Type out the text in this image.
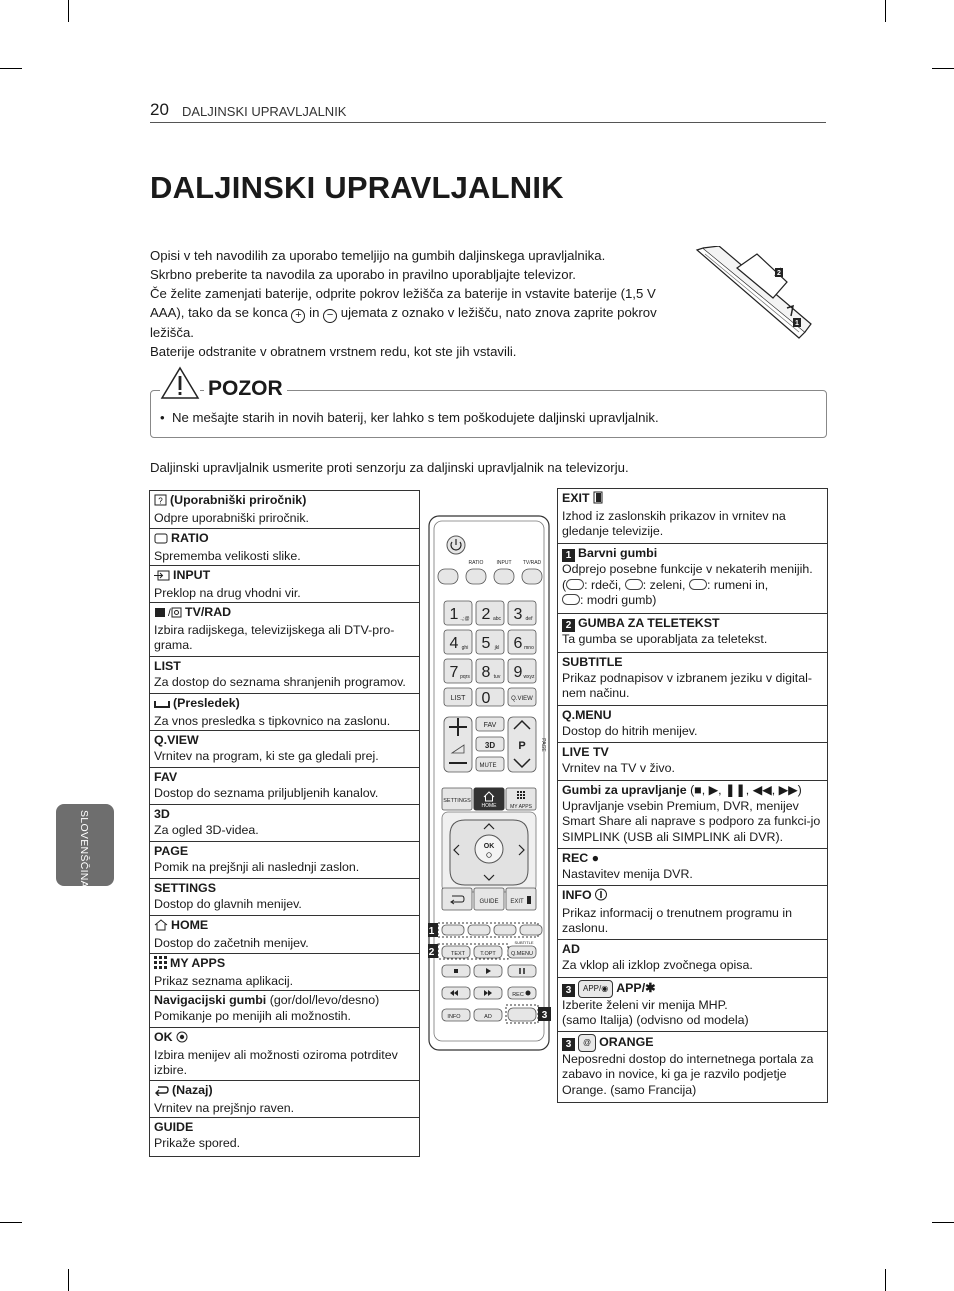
20 DALJINSKI UPRAVLJALNIK
DALJINSKI UPRAVLJALNIK

Opisi v teh navodilih za uporabo temeljijo na gumbih daljinskega upravljalnika.

Skrbno preberite ta navodila za uporabo in pravilno uporabljajte televizor.

Če želite zamenjati baterije, odprite pokrov ležišča za baterije in vstavite baterije (1,5 V

AAA), tako da se konca + in − ujemata z oznako v ležišču, nato znova zaprite pokrov

ležišča.

Baterije odstranite v obratnem vrstnem redu, kot ste jih vstavili.

2
1
POZOR
•  Ne mešajte starih in novih baterij, ker lahko s tem poškodujete daljinski upravljalnik.
Daljinski upravljalnik usmerite proti senzorju za daljinski upravljalnik na televizorju.
SLOVENŠČINA
? (Uporabniški priročnik)
Odpre uporabniški priročnik.
RATIO
Sprememba velikosti slike.
INPUT
Preklop na drug vhodni vir.
/ TV/RAD
Izbira radijskega, televizijskega ali DTV-pro-grama.
LIST
Za dostop do seznama shranjenih programov.
(Presledek)
Za vnos presledka s tipkovnico na zaslonu.
Q.VIEW
Vrnitev na program, ki ste ga gledali prej.
FAV
Dostop do seznama priljubljenih kanalov.
3D
Za ogled 3D-videa.
PAGE
Pomik na prejšnji ali naslednji zaslon.
SETTINGS
Dostop do glavnih menijev.
HOME
Dostop do začetnih menijev.
MY APPS
Prikaz seznama aplikacij.
Navigacijski gumbi (gor/dol/levo/desno)
Pomikanje po menijih ali možnostih.
OK
Izbira menijev ali možnosti oziroma potrditev izbire.
(Nazaj)
Vrnitev na prejšnjo raven.
GUIDE
Prikaže spored.
EXIT
Izhod iz zaslonskih prikazov in vrnitev na gledanje televizije.
1 Barvni gumbi
Odprejo posebne funkcije v nekaterih menijih.
( : rdeči, : zeleni, : rumeni in,
: modri gumb)
2 GUMBA ZA TELETEKST
Ta gumba se uporabljata za teletekst.
SUBTITLE
Prikaz podnapisov v izbranem jeziku v digital-nem načinu.
Q.MENU
Dostop do hitrih menijev.
LIVE TV
Vrnitev na TV v živo.
Gumbi za upravljanje (■, ▶, ❚❚, ◀◀, ▶▶)
Upravljanje vsebin Premium, DVR, menijev Smart Share ali naprave s podporo za funkci-jo SIMPLINK (USB ali SIMPLINK ali DVR).
REC ●
Nastavitev menija DVR.
INFO
Prikaz informacij o trenutnem programu in zaslonu.
AD
Za vklop ali izklop zvočnega opisa.
3 APP/◉ APP/✱
Izberite želeni vir menija MHP.
(samo Italija) (odvisno od modela)
3 @ ORANGE
Neposredni dostop do internetnega portala za zabavo in novice, ki ga je razvilo podjetje Orange. (samo Francija)
RATIO	INPUT TV/RAD
1 .,;@ 2 abc 3 def
4 ghi 5 jkl 6 mno
7 pqrs 8 tuv 9 wxyz
LIST 0	Q.VIEW
FAV
3D
MUTE
P	PAGE
SETTINGS
HOME	MY APPS
OK
GUIDE EXIT
SUBTITLE
TEXT	T.OPT	Q.MENU
REC
INFO	AD
1
2
3
